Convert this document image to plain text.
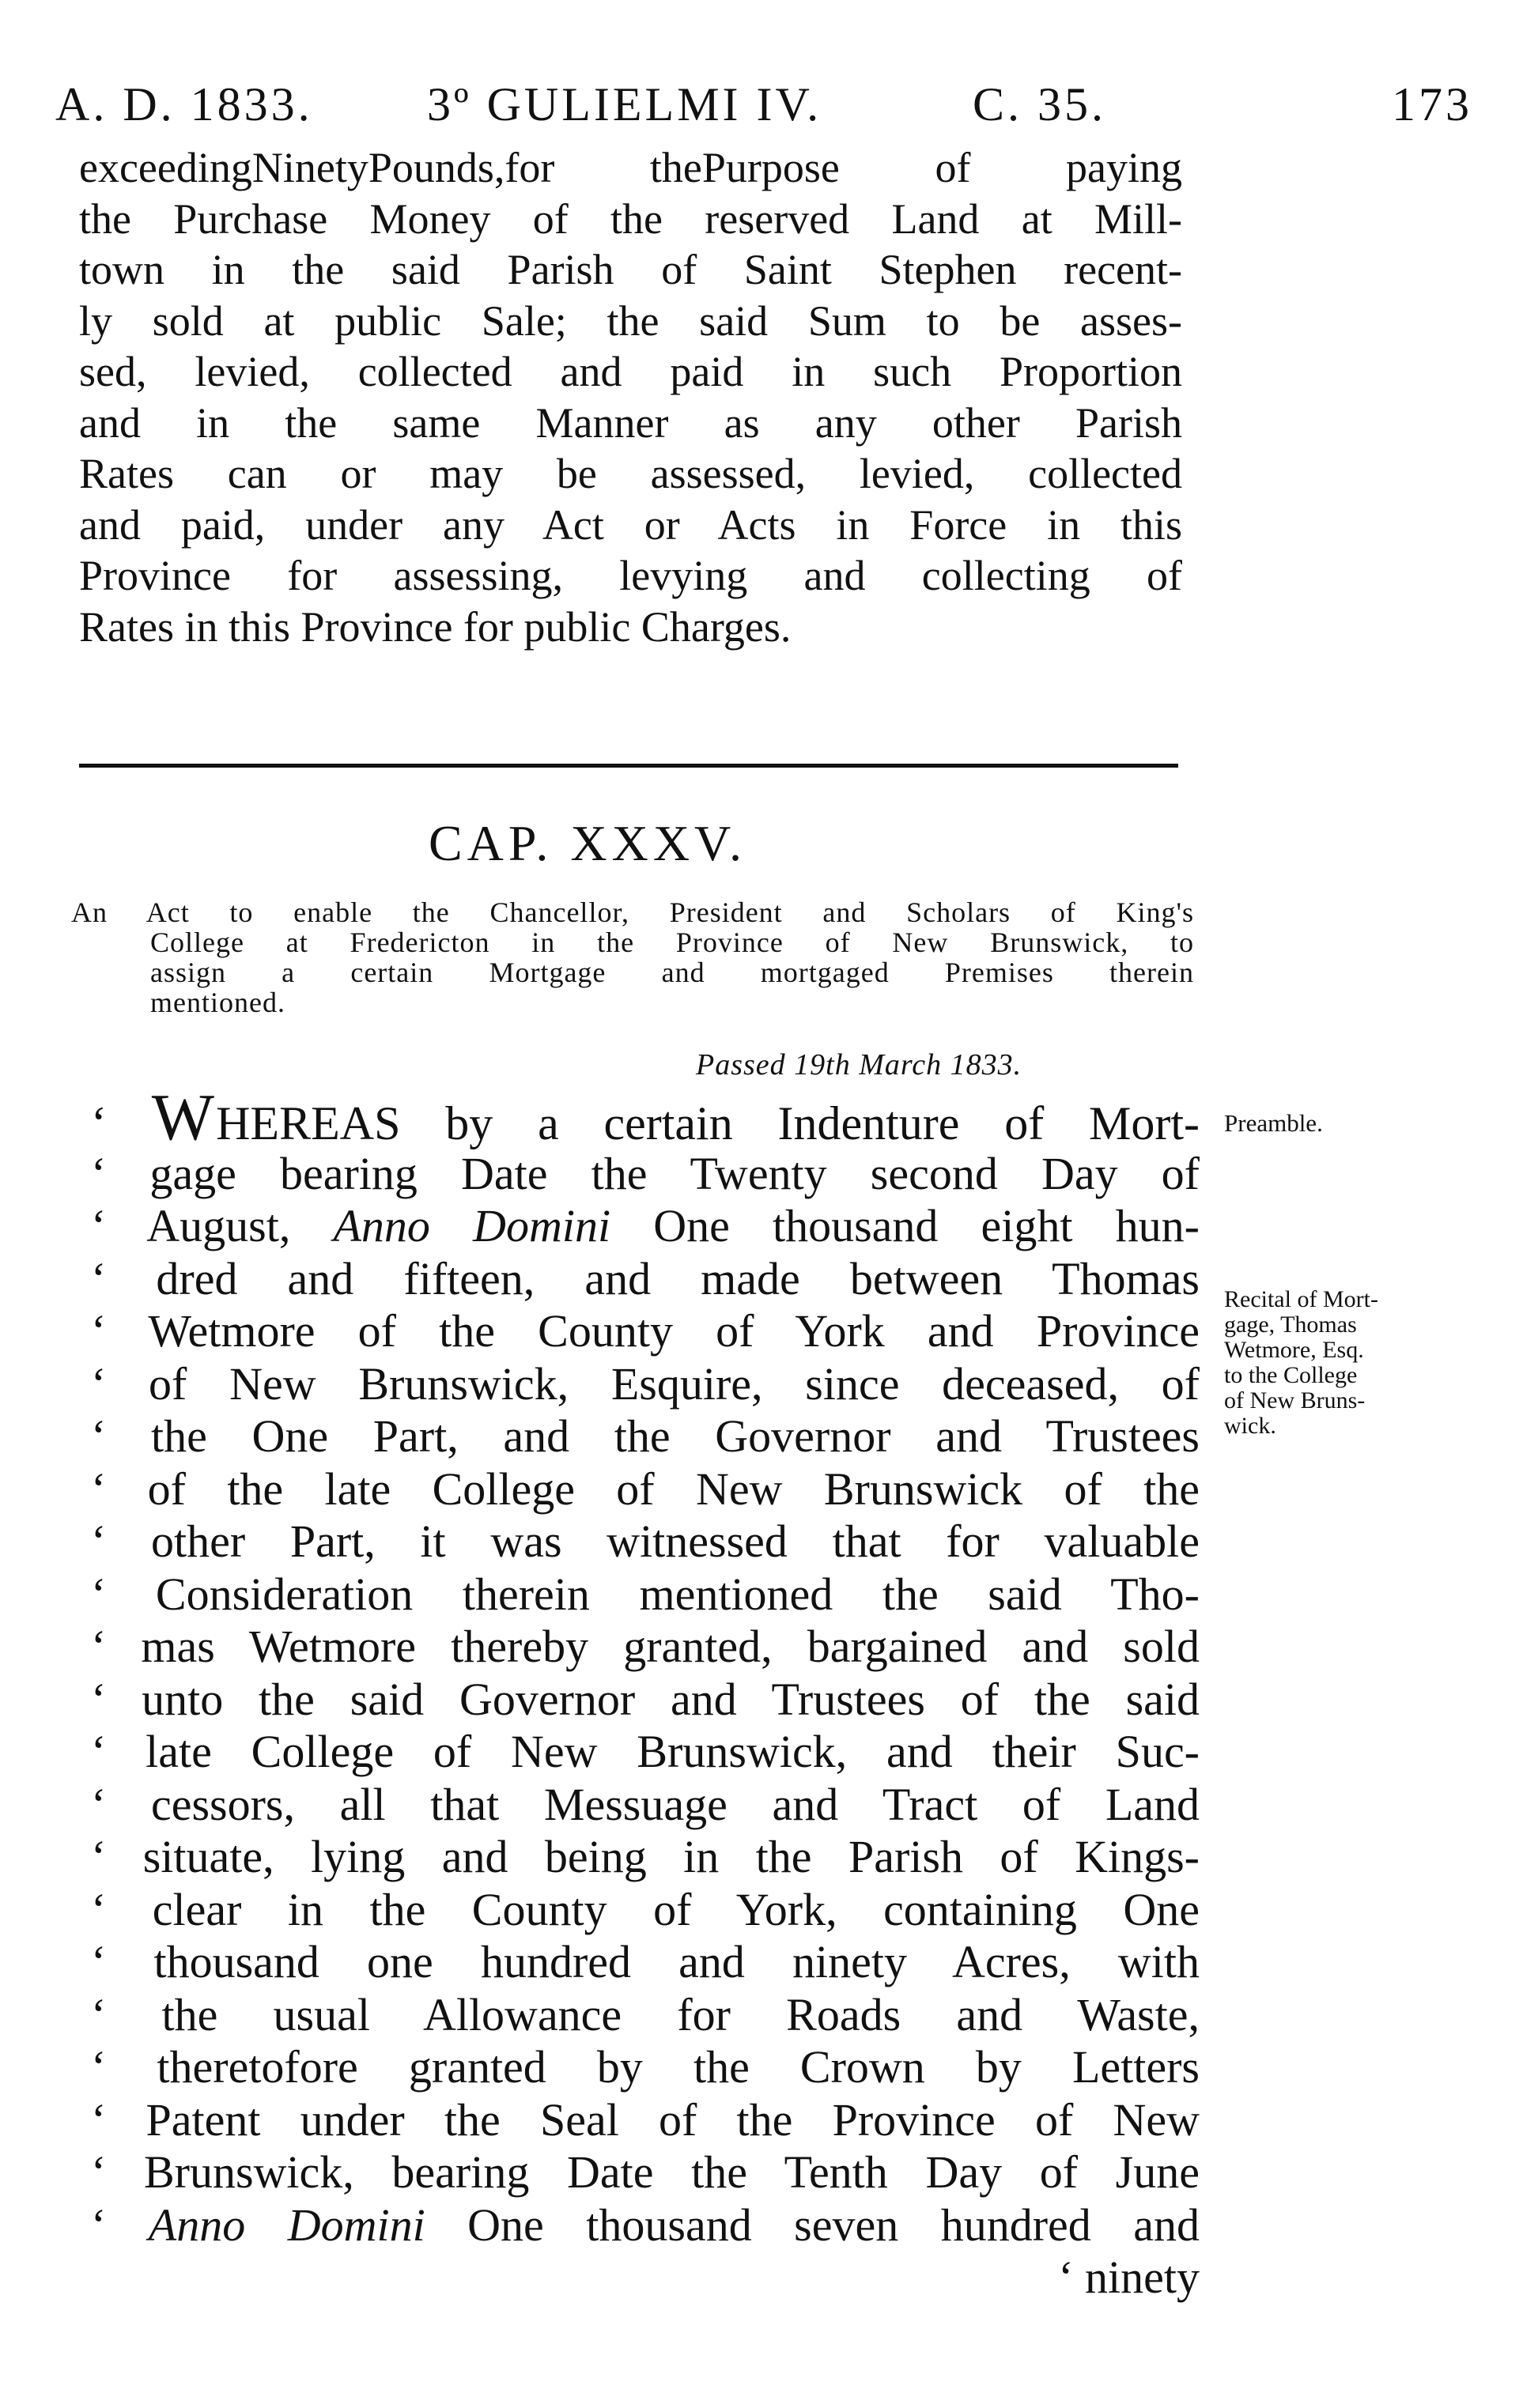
A. D. 1833. 3º GULIELMI IV.	C. 35.	173
exceedingNinetyPounds,for thePurpose of paying
the Purchase Money of the reserved Land at Mill-
town in the said Parish of Saint Stephen recent-
ly sold at public Sale; the said Sum to be asses-
sed, levied, collected and paid in such Proportion
and in the same Manner as any other Parish
Rates can or may be assessed, levied, collected
and paid, under any Act or Acts in Force in this
Province for assessing, levying and collecting of
Rates in this Province for public Charges.
CAP. XXXV.
An Act to enable the Chancellor, President and Scholars of King's
College at Fredericton in the Province of New Brunswick, to
assign a certain Mortgage and mortgaged Premises therein
mentioned.
Passed 19th March 1833.
‘ WHEREAS by a certain Indenture of Mort-
‘ gage bearing Date the Twenty second Day of
‘ August, Anno Domini One thousand eight hun-
‘ dred and fifteen, and made between Thomas
‘ Wetmore of the County of York and Province
‘ of New Brunswick, Esquire, since deceased, of
‘ the One Part, and the Governor and Trustees
‘ of the late College of New Brunswick of the
‘ other Part, it was witnessed that for valuable
‘ Consideration therein mentioned the said Tho-
‘ mas Wetmore thereby granted, bargained and sold
‘ unto the said Governor and Trustees of the said
‘ late College of New Brunswick, and their Suc-
‘ cessors, all that Messuage and Tract of Land
‘ situate, lying and being in the Parish of Kings-
‘ clear in the County of York, containing One
‘ thousand one hundred and ninety Acres, with
‘ the usual Allowance for Roads and Waste,
‘ theretofore granted by the Crown by Letters
‘ Patent under the Seal of the Province of New
‘ Brunswick, bearing Date the Tenth Day of June
‘ Anno Domini One thousand seven hundred and
‘ ninety
Preamble.
Recital of Mort-
gage, Thomas
Wetmore, Esq.
to the College
of New Bruns-
wick.
